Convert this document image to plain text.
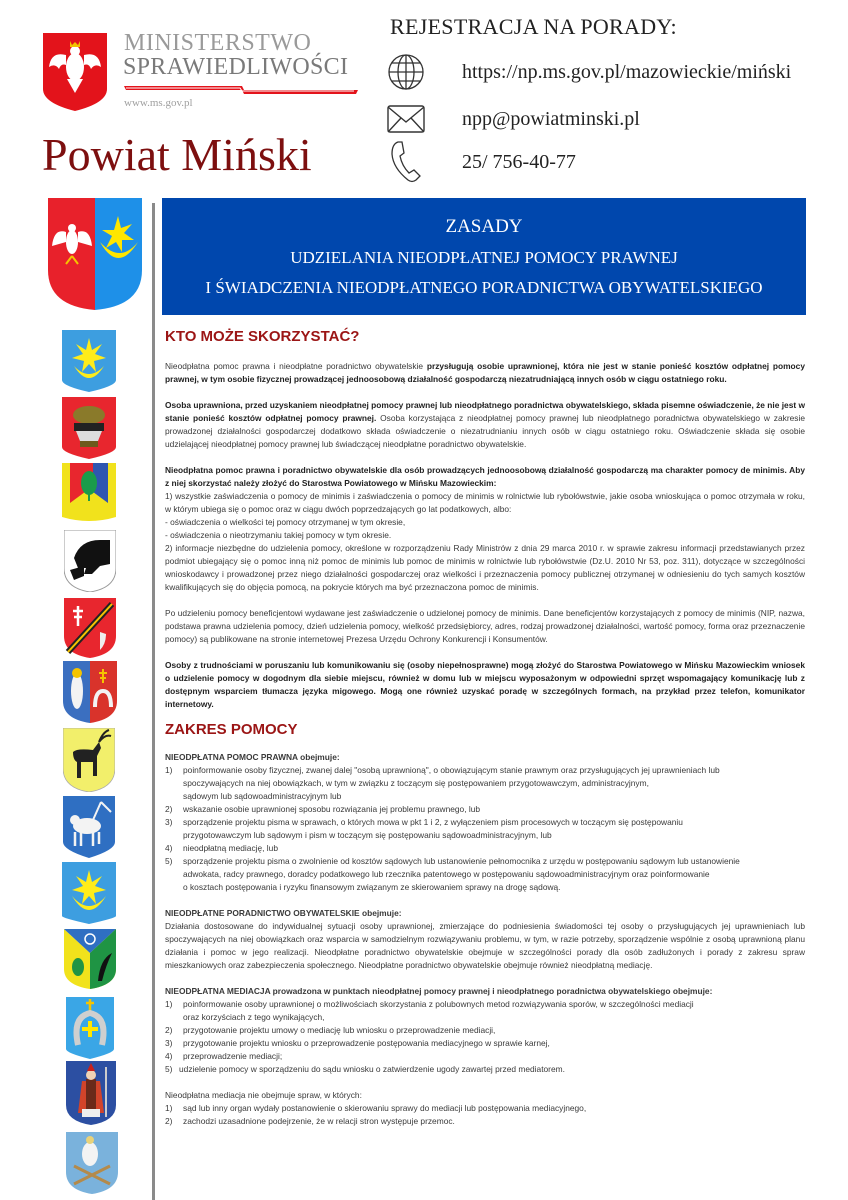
MINISTERSTWO
SPRAWIEDLIWOŚCI
www.ms.gov.pl
Powiat Miński
REJESTRACJA NA PORADY:
https://np.ms.gov.pl/mazowieckie/miński
npp@powiatminski.pl
25/ 756-40-77
ZASADY
UDZIELANIA NIEODPŁATNEJ POMOCY PRAWNEJ
I ŚWIADCZENIA NIEODPŁATNEGO PORADNICTWA OBYWATELSKIEGO
KTO MOŻE SKORZYSTAĆ?

Nieodpłatna pomoc prawna i nieodpłatne poradnictwo obywatelskie przysługują osobie uprawnionej, która nie jest w stanie ponieść kosztów odpłatnej pomocy prawnej, w tym osobie fizycznej prowadzącej jednoosobową działalność gospodarczą niezatrudniającą innych osób w ciągu ostatniego roku.

Osoba uprawniona, przed uzyskaniem nieodpłatnej pomocy prawnej lub nieodpłatnego poradnictwa obywatelskiego, składa pisemne oświadczenie, że nie jest w stanie ponieść kosztów odpłatnej pomocy prawnej. Osoba korzystająca z nieodpłatnej pomocy prawnej lub nieodpłatnego poradnictwa obywatelskiego w zakresie prowadzonej działalności gospodarczej dodatkowo składa oświadczenie o niezatrudnianiu innych osób w ciągu ostatniego roku. Oświadczenie składa się osobie udzielającej nieodpłatnej pomocy prawnej lub świadczącej nieodpłatne poradnictwo obywatelskie.

Nieodpłatna pomoc prawna i poradnictwo obywatelskie dla osób prowadzących jednoosobową działalność gospodarczą ma charakter pomocy de minimis. Aby z niej skorzystać należy złożyć do Starostwa Powiatowego w Mińsku Mazowieckim:

1) wszystkie zaświadczenia o pomocy de minimis i zaświadczenia o pomocy de minimis w rolnictwie lub rybołówstwie, jakie osoba wnioskująca o pomoc otrzymała w roku, w którym ubiega się o pomoc oraz w ciągu dwóch poprzedzających go lat podatkowych, albo:

- oświadczenia o wielkości tej pomocy otrzymanej w tym okresie,

- oświadczenia o nieotrzymaniu takiej pomocy w tym okresie.

2) informacje niezbędne do udzielenia pomocy, określone w rozporządzeniu Rady Ministrów z dnia 29 marca 2010 r. w sprawie zakresu informacji przedstawianych przez podmiot ubiegający się o pomoc inną niż pomoc de minimis lub pomoc de minimis w rolnictwie lub rybołówstwie (Dz.U. 2010 Nr 53, poz. 311), dotyczące w szczególności wnioskodawcy i prowadzonej przez niego działalności gospodarczej oraz wielkości i przeznaczenia pomocy publicznej otrzymanej w odniesieniu do tych samych kosztów kwalifikujących się do objęcia pomocą, na pokrycie których ma być przeznaczona pomoc de minimis.

Po udzieleniu pomocy beneficjentowi wydawane jest zaświadczenie o udzielonej pomocy de minimis. Dane beneficjentów korzystających z pomocy de minimis (NIP, nazwa, podstawa prawna udzielenia pomocy, dzień udzielenia pomocy, wielkość przedsiębiorcy, adres, rodzaj prowadzonej działalności, wartość pomocy, forma oraz przeznaczenie pomocy) są publikowane na stronie internetowej Prezesa Urzędu Ochrony Konkurencji i Konsumentów.

Osoby z trudnościami w poruszaniu lub komunikowaniu się (osoby niepełnosprawne) mogą złożyć do Starostwa Powiatowego w Mińsku Mazowieckim wniosek o udzielenie pomocy w dogodnym dla siebie miejscu, również w domu lub w miejscu wyposażonym w odpowiedni sprzęt wspomagający komunikację lub z dostępnym wsparciem tłumacza języka migowego. Mogą one również uzyskać poradę w szczególnych formach, na przykład przez telefon, komunikator internetowy.

ZAKRES POMOCY

NIEODPŁATNA POMOC PRAWNA obejmuje:

1)	poinformowanie osoby fizycznej, zwanej dalej "osobą uprawnioną", o obowiązującym stanie prawnym oraz przysługujących jej uprawnieniach lub
spoczywających na niej obowiązkach, w tym w związku z toczącym się postępowaniem przygotowawczym, administracyjnym,
sądowym lub sądowoadministracyjnym lub
2)	wskazanie osobie uprawnionej sposobu rozwiązania jej problemu prawnego, lub
3)	sporządzenie projektu pisma w sprawach, o których mowa w pkt 1 i 2, z wyłączeniem pism procesowych w toczącym się postępowaniu
przygotowawczym lub sądowym i pism w toczącym się postępowaniu sądowoadministracyjnym, lub
4)	nieodpłatną mediację, lub
5)	sporządzenie projektu pisma o zwolnienie od kosztów sądowych lub ustanowienie pełnomocnika z urzędu w postępowaniu sądowym lub ustanowienie
adwokata, radcy prawnego, doradcy podatkowego lub rzecznika patentowego w postępowaniu sądowoadministracyjnym oraz poinformowanie
o kosztach postępowania i ryzyku finansowym związanym ze skierowaniem sprawy na drogę sądową.

NIEODPŁATNE PORADNICTWO OBYWATELSKIE obejmuje:

Działania dostosowane do indywidualnej sytuacji osoby uprawnionej, zmierzające do podniesienia świadomości tej osoby o przysługujących jej uprawnieniach lub spoczywających na niej obowiązkach oraz wsparcia w samodzielnym rozwiązywaniu problemu, w tym, w razie potrzeby, sporządzenie wspólnie z osobą uprawnioną planu działania i pomoc w jego realizacji. Nieodpłatne poradnictwo obywatelskie obejmuje w szczególności porady dla osób zadłużonych i porady z zakresu spraw mieszkaniowych oraz zabezpieczenia społecznego. Nieodpłatne poradnictwo obywatelskie obejmuje również nieodpłatną mediację.

NIEODPŁATNA MEDIACJA prowadzona w punktach nieodpłatnej pomocy prawnej i nieodpłatnego poradnictwa obywatelskiego obejmuje:

1)	poinformowanie osoby uprawnionej o możliwościach skorzystania z polubownych metod rozwiązywania sporów, w szczególności mediacji
oraz korzyściach z tego wynikających,
2)	przygotowanie projektu umowy o mediację lub wniosku o przeprowadzenie mediacji,
3)	przygotowanie projektu wniosku o przeprowadzenie postępowania mediacyjnego w sprawie karnej,
4)	przeprowadzenie mediacji;
5) udzielenie pomocy w sporządzeniu do sądu wniosku o zatwierdzenie ugody zawartej przed mediatorem.

Nieodpłatna mediacja nie obejmuje spraw, w których:

1)	sąd lub inny organ wydały postanowienie o skierowaniu sprawy do mediacji lub postępowania mediacyjnego,
2)	zachodzi uzasadnione podejrzenie, że w relacji stron występuje przemoc.
